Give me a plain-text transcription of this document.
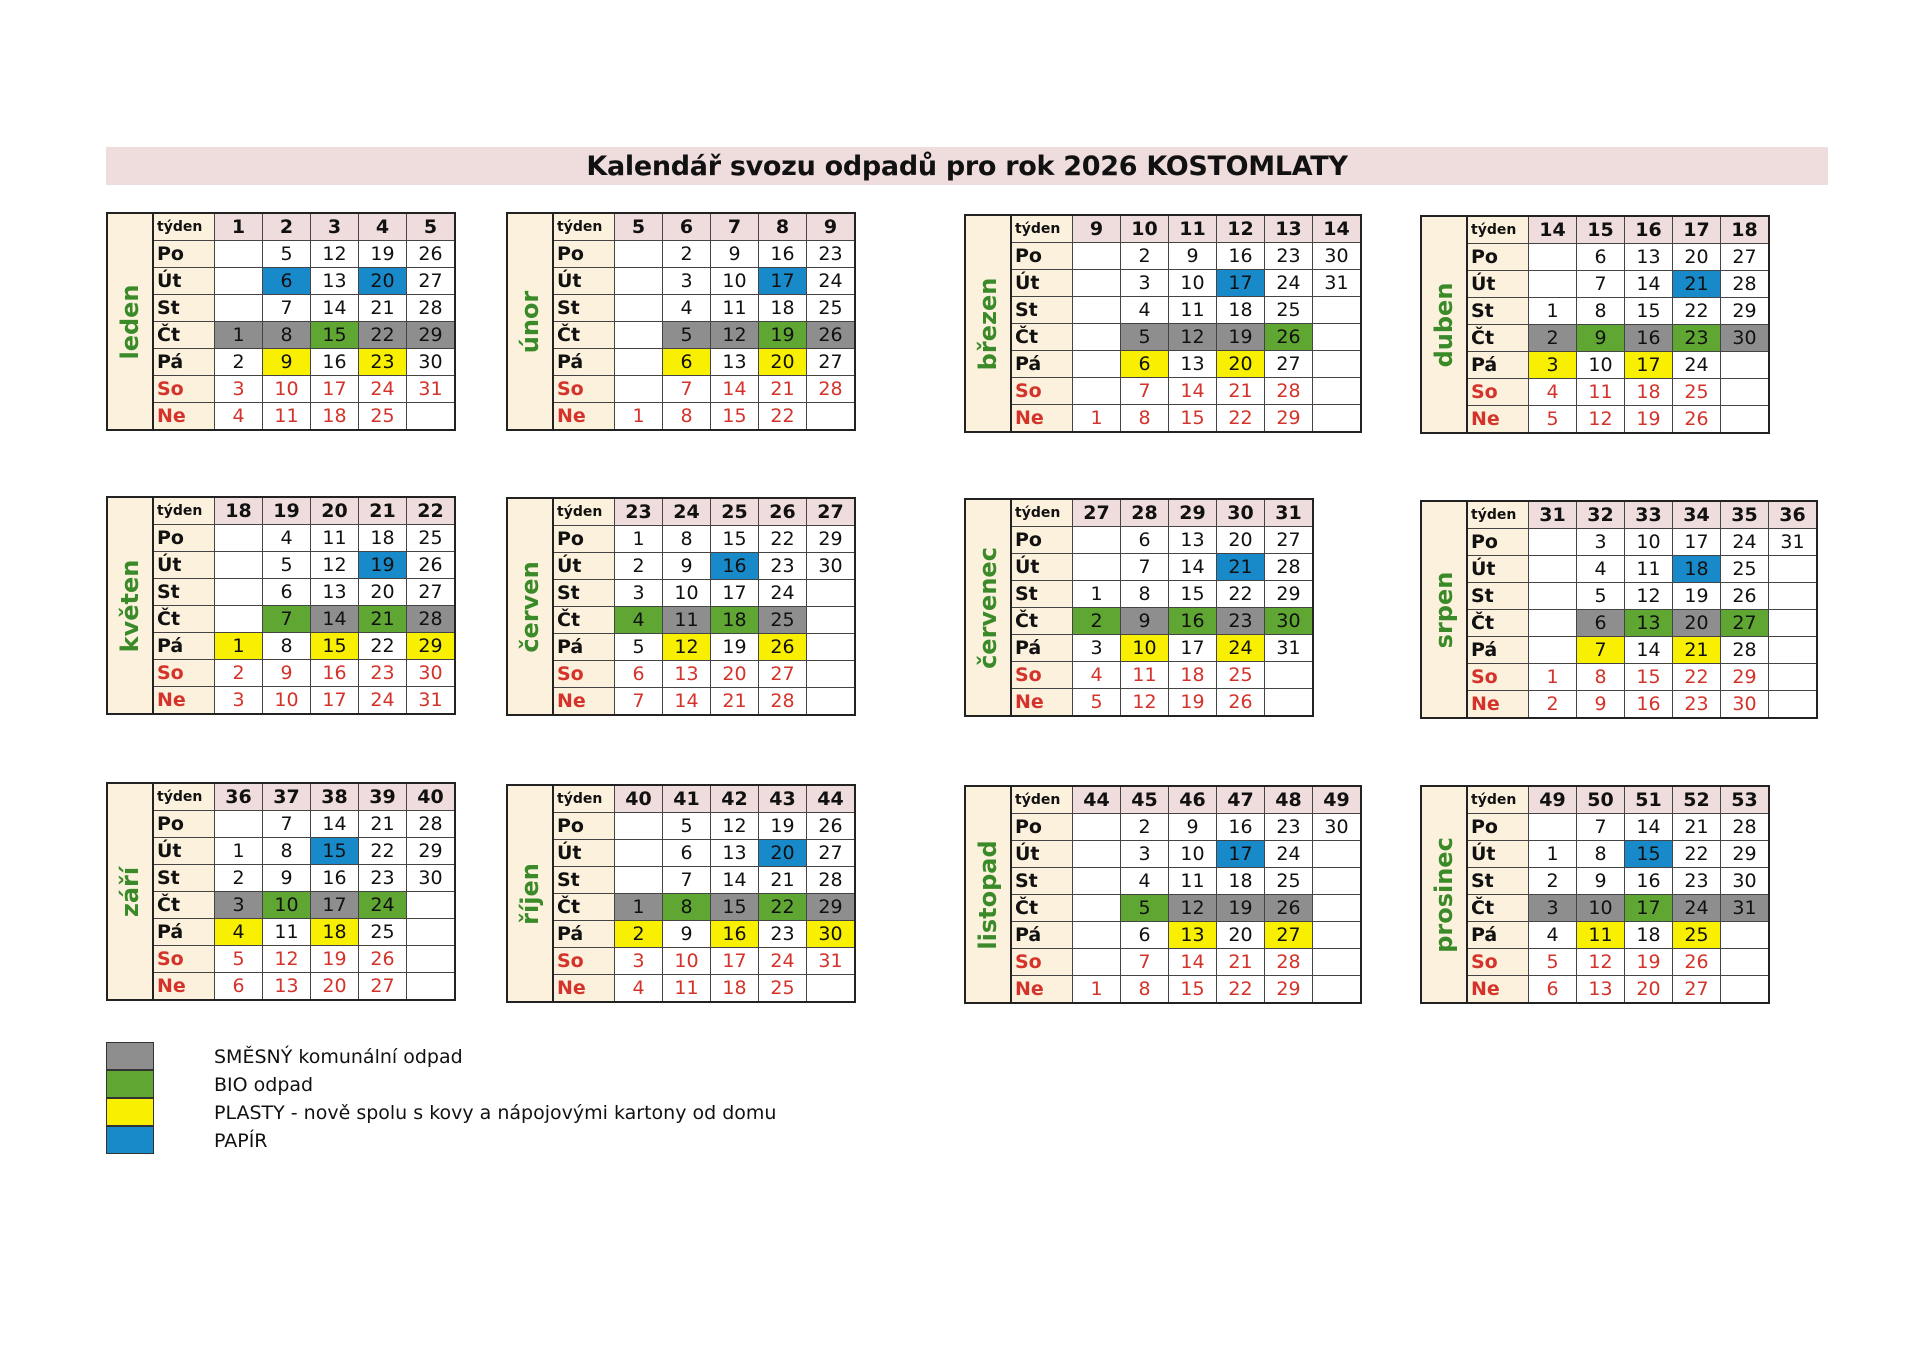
Kalendář svozu odpadů pro rok 2026 KOSTOMLATY
leden
týden	1	2	3	4	5
Po		5	12	19	26
Út		6	13	20	27
St		7	14	21	28
Čt	1	8	15	22	29
Pá	2	9	16	23	30
So	3	10	17	24	31
Ne	4	11	18	25	
únor
týden	5	6	7	8	9
Po		2	9	16	23
Út		3	10	17	24
St		4	11	18	25
Čt		5	12	19	26
Pá		6	13	20	27
So		7	14	21	28
Ne	1	8	15	22	
březen
týden	9	10	11	12	13	14
Po		2	9	16	23	30
Út		3	10	17	24	31
St		4	11	18	25	
Čt		5	12	19	26	
Pá		6	13	20	27	
So		7	14	21	28	
Ne	1	8	15	22	29	
duben
týden	14	15	16	17	18
Po		6	13	20	27
Út		7	14	21	28
St	1	8	15	22	29
Čt	2	9	16	23	30
Pá	3	10	17	24	
So	4	11	18	25	
Ne	5	12	19	26	
květen
týden	18	19	20	21	22
Po		4	11	18	25
Út		5	12	19	26
St		6	13	20	27
Čt		7	14	21	28
Pá	1	8	15	22	29
So	2	9	16	23	30
Ne	3	10	17	24	31
červen
týden	23	24	25	26	27
Po	1	8	15	22	29
Út	2	9	16	23	30
St	3	10	17	24	
Čt	4	11	18	25	
Pá	5	12	19	26	
So	6	13	20	27	
Ne	7	14	21	28	
červenec
týden	27	28	29	30	31
Po		6	13	20	27
Út		7	14	21	28
St	1	8	15	22	29
Čt	2	9	16	23	30
Pá	3	10	17	24	31
So	4	11	18	25	
Ne	5	12	19	26	
srpen
týden	31	32	33	34	35	36
Po		3	10	17	24	31
Út		4	11	18	25	
St		5	12	19	26	
Čt		6	13	20	27	
Pá		7	14	21	28	
So	1	8	15	22	29	
Ne	2	9	16	23	30	
září
týden	36	37	38	39	40
Po		7	14	21	28
Út	1	8	15	22	29
St	2	9	16	23	30
Čt	3	10	17	24	
Pá	4	11	18	25	
So	5	12	19	26	
Ne	6	13	20	27	
říjen
týden	40	41	42	43	44
Po		5	12	19	26
Út		6	13	20	27
St		7	14	21	28
Čt	1	8	15	22	29
Pá	2	9	16	23	30
So	3	10	17	24	31
Ne	4	11	18	25	
listopad
týden	44	45	46	47	48	49
Po		2	9	16	23	30
Út		3	10	17	24	
St		4	11	18	25	
Čt		5	12	19	26	
Pá		6	13	20	27	
So		7	14	21	28	
Ne	1	8	15	22	29	
prosinec
týden	49	50	51	52	53
Po		7	14	21	28
Út	1	8	15	22	29
St	2	9	16	23	30
Čt	3	10	17	24	31
Pá	4	11	18	25	
So	5	12	19	26	
Ne	6	13	20	27	
SMĚSNÝ komunální odpad
BIO odpad
PLASTY - nově spolu s kovy a nápojovými kartony od domu
PAPÍR
